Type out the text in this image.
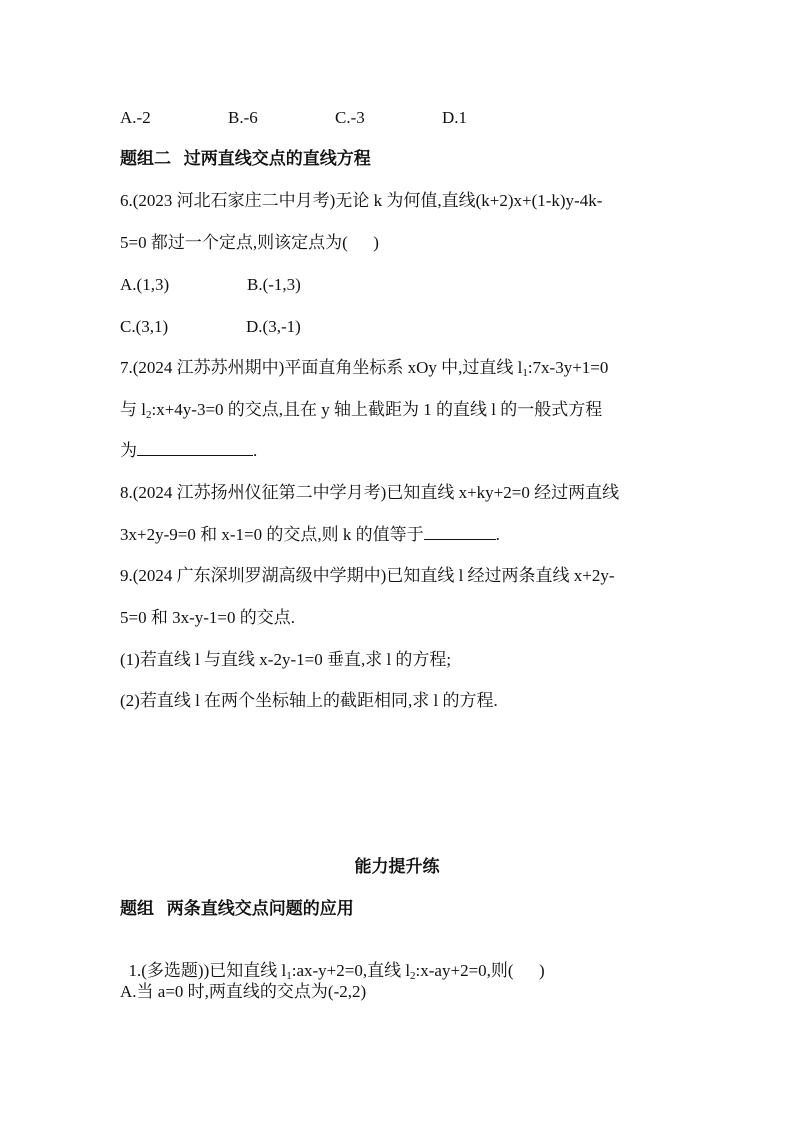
A.-2	B.-6	C.-3	D.1
题组二   过两直线交点的直线方程
6.(2023 河北石家庄二中月考)无论 k 为何值,直线(k+2)x+(1-k)y-4k-
5=0 都过一个定点,则该定点为(      )
A.(1,3)	B.(-1,3)
C.(3,1)	D.(3,-1)
7.(2024 江苏苏州期中)平面直角坐标系 xOy 中,过直线 $l_1:7x-3y+1=0$
与 $l_2:x+4y-3=0$ 的交点,且在 y 轴上截距为 1 的直线 l 的一般式方程
为	.
8.(2024 江苏扬州仪征第二中学月考)已知直线 x+ky+2=0 经过两直线
3x+2y-9=0 和 x-1=0 的交点,则 k 的值等于	.
9.(2024 广东深圳罗湖高级中学期中)已知直线 l 经过两条直线 x+2y-
5=0 和 3x-y-1=0 的交点.
(1)若直线 l 与直线 x-2y-1=0 垂直,求 l 的方程;
(2)若直线 l 在两个坐标轴上的截距相同,求 l 的方程.
能力提升练
题组   两条直线交点问题的应用

1.(多选题))已知直线 $l_1:ax-y+2=0$,直线 $l_2:x-ay+2=0$,则(      )

A.当 a=0 时,两直线的交点为(-2,2)
